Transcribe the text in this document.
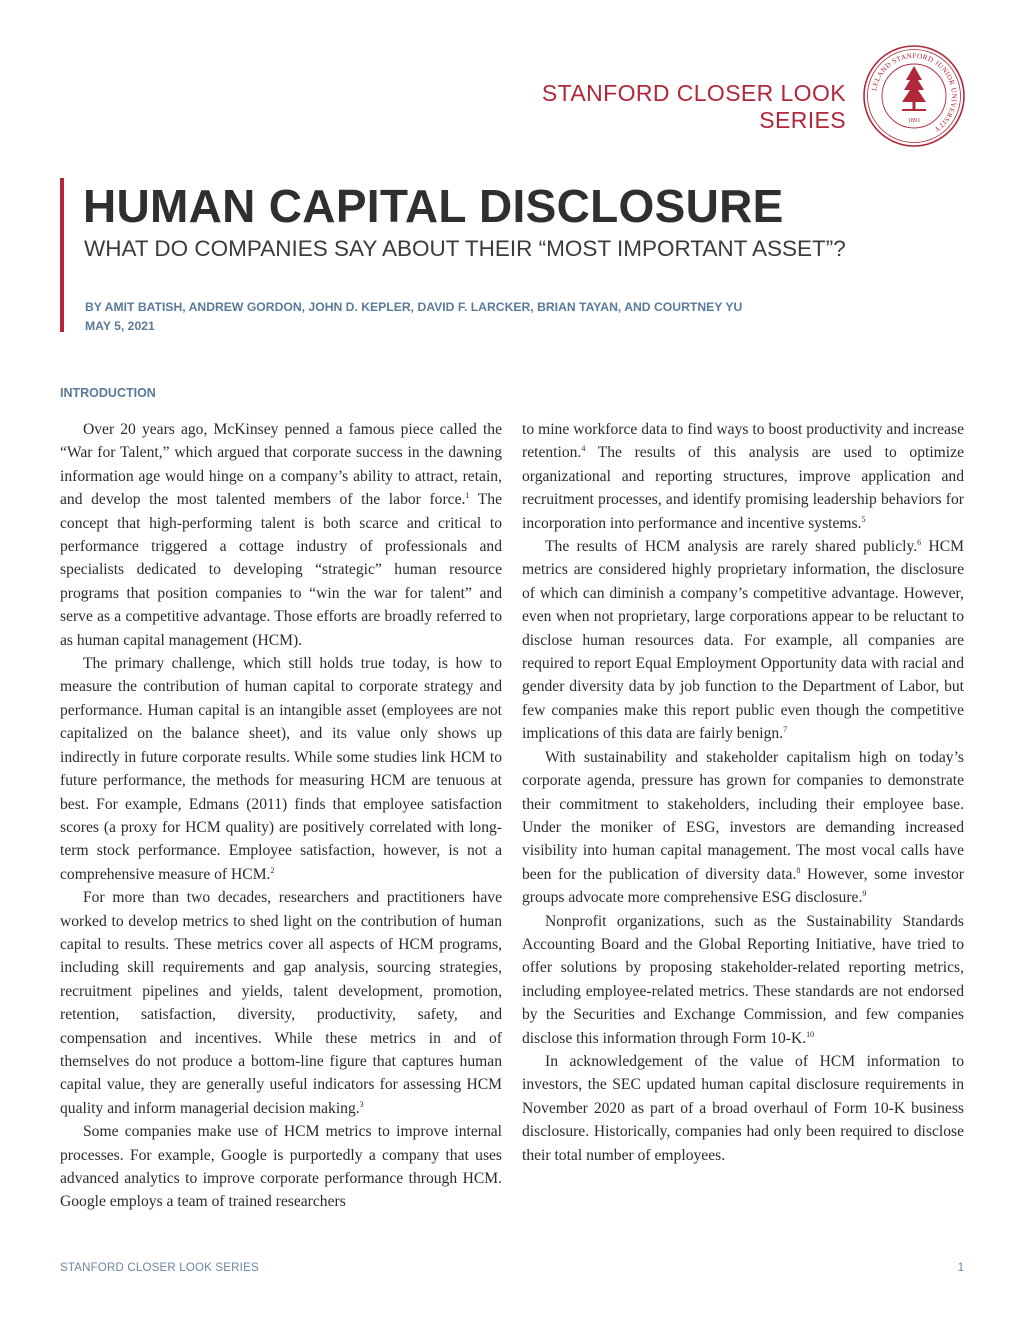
STANFORD CLOSER LOOK SERIES
LELAND STANFORD JUNIOR UNIVERSITY
1891
HUMAN CAPITAL DISCLOSURE
WHAT DO COMPANIES SAY ABOUT THEIR “MOST IMPORTANT ASSET”?
BY AMIT BATISH, ANDREW GORDON, JOHN D. KEPLER, DAVID F. LARCKER, BRIAN TAYAN, AND COURTNEY YU
MAY 5, 2021
INTRODUCTION

Over 20 years ago, McKinsey penned a famous piece called the “War for Talent,” which argued that corporate success in the dawning information age would hinge on a company’s ability to attract, retain, and develop the most talented members of the labor force.$^1$ The concept that high-performing talent is both scarce and critical to performance triggered a cottage industry of professionals and specialists dedicated to developing “strategic” human resource programs that position companies to “win the war for talent” and serve as a competitive advantage. Those efforts are broadly referred to as human capital management (HCM).

The primary challenge, which still holds true today, is how to measure the contribution of human capital to corporate strategy and performance. Human capital is an intangible asset (employees are not capitalized on the balance sheet), and its value only shows up indirectly in future corporate results. While some studies link HCM to future performance, the methods for measuring HCM are tenuous at best. For example, Edmans (2011) finds that employee satisfaction scores (a proxy for HCM quality) are positively correlated with long-term stock performance. Employee satisfaction, however, is not a comprehensive measure of HCM.$^2$

For more than two decades, researchers and practitioners have worked to develop metrics to shed light on the contribution of human capital to results. These metrics cover all aspects of HCM programs, including skill requirements and gap analysis, sourcing strategies, recruitment pipelines and yields, talent development, promotion, retention, satisfaction, diversity, productivity, safety, and compensation and incentives. While these metrics in and of themselves do not produce a bottom-line figure that captures human capital value, they are generally useful indicators for assessing HCM quality and inform managerial decision making.$^3$

Some companies make use of HCM metrics to improve internal processes. For example, Google is purportedly a company that uses advanced analytics to improve corporate performance through HCM. Google employs a team of trained researchers

to mine workforce data to find ways to boost productivity and increase retention.$^4$ The results of this analysis are used to optimize organizational and reporting structures, improve application and recruitment processes, and identify promising leadership behaviors for incorporation into performance and incentive systems.$^5$

The results of HCM analysis are rarely shared publicly.$^6$ HCM metrics are considered highly proprietary information, the disclosure of which can diminish a company’s competitive advantage. However, even when not proprietary, large corporations appear to be reluctant to disclose human resources data. For example, all companies are required to report Equal Employment Opportunity data with racial and gender diversity data by job function to the Department of Labor, but few companies make this report public even though the competitive implications of this data are fairly benign.$^7$

With sustainability and stakeholder capitalism high on today’s corporate agenda, pressure has grown for companies to demonstrate their commitment to stakeholders, including their employee base. Under the moniker of ESG, investors are demanding increased visibility into human capital management. The most vocal calls have been for the publication of diversity data.$^8$ However, some investor groups advocate more comprehensive ESG disclosure.$^9$

Nonprofit organizations, such as the Sustainability Standards Accounting Board and the Global Reporting Initiative, have tried to offer solutions by proposing stakeholder-related reporting metrics, including employee-related metrics. These standards are not endorsed by the Securities and Exchange Commission, and few companies disclose this information through Form 10-K.$^{10}$

In acknowledgement of the value of HCM information to investors, the SEC updated human capital disclosure requirements in November 2020 as part of a broad overhaul of Form 10-K business disclosure. Historically, companies had only been required to disclose their total number of employees.

STANFORD CLOSER LOOK SERIES	1
